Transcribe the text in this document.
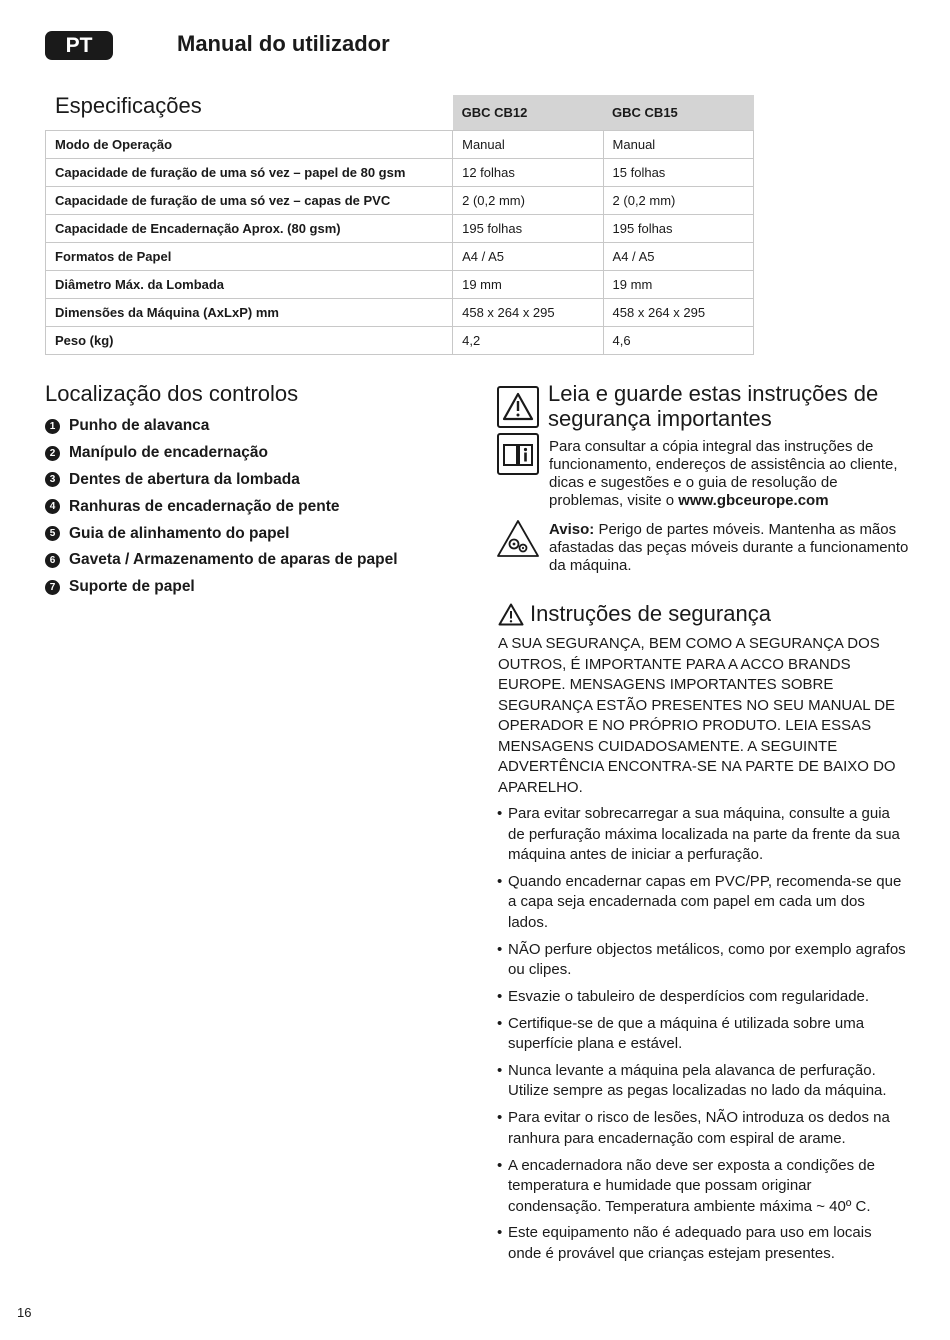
PT	Manual do utilizador
	GBC CB12	GBC CB15
Modo de Operação	Manual	Manual
Capacidade de furação de uma só vez – papel de 80 gsm	12 folhas	15 folhas
Capacidade de furação de uma só vez – capas de PVC	2 (0,2 mm)	2 (0,2 mm)
Capacidade de Encadernação Aprox. (80 gsm)	195 folhas	195 folhas
Formatos de Papel	A4 / A5	A4 / A5
Diâmetro Máx. da Lombada	19 mm	19 mm
Dimensões da Máquina (AxLxP) mm	458 x 264 x 295	458 x 264 x 295
Peso (kg)	4,2	4,6
Especificações
Localização dos controlos
1 Punho de alavanca
2 Manípulo de encadernação
3 Dentes de abertura da lombada
4 Ranhuras de encadernação de pente
5 Guia de alinhamento do papel
6 Gaveta / Armazenamento de aparas de papel
7 Suporte de papel
Leia e guarde estas instruções de segurança importantes
Para consultar a cópia integral das instruções de funcionamento, endereços de assistência ao cliente, dicas e sugestões e o guia de resolução de problemas, visite o www.gbceurope.com
Aviso: Perigo de partes móveis. Mantenha as mãos afastadas das peças móveis durante a funcionamento da máquina.
Instruções de segurança
A SUA SEGURANÇA, BEM COMO A SEGURANÇA DOS OUTROS, É IMPORTANTE PARA A ACCO BRANDS EUROPE. MENSAGENS IMPORTANTES SOBRE SEGURANÇA ESTÃO PRESENTES NO SEU MANUAL DE OPERADOR E NO PRÓPRIO PRODUTO. LEIA ESSAS MENSAGENS CUIDADOSAMENTE. A SEGUINTE ADVERTÊNCIA ENCONTRA-SE NA PARTE DE BAIXO DO APARELHO.
• Para evitar sobrecarregar a sua máquina, consulte a guia de perfuração máxima localizada na parte da frente da sua máquina antes de iniciar a perfuração.
• Quando encadernar capas em PVC/PP, recomenda-se que a capa seja encadernada com papel em cada um dos lados.
• NÃO perfure objectos metálicos, como por exemplo agrafos ou clipes.
• Esvazie o tabuleiro de desperdícios com regularidade.
• Certifique-se de que a máquina é utilizada sobre uma superfície plana e estável.
• Nunca levante a máquina pela alavanca de perfuração. Utilize sempre as pegas localizadas no lado da máquina.
• Para evitar o risco de lesões, NÃO introduza os dedos na ranhura para encadernação com espiral de arame.
• A encadernadora não deve ser exposta a condições de temperatura e humidade que possam originar condensação. Temperatura ambiente máxima ~ 40º C.
• Este equipamento não é adequado para uso em locais onde é provável que crianças estejam presentes.
16
